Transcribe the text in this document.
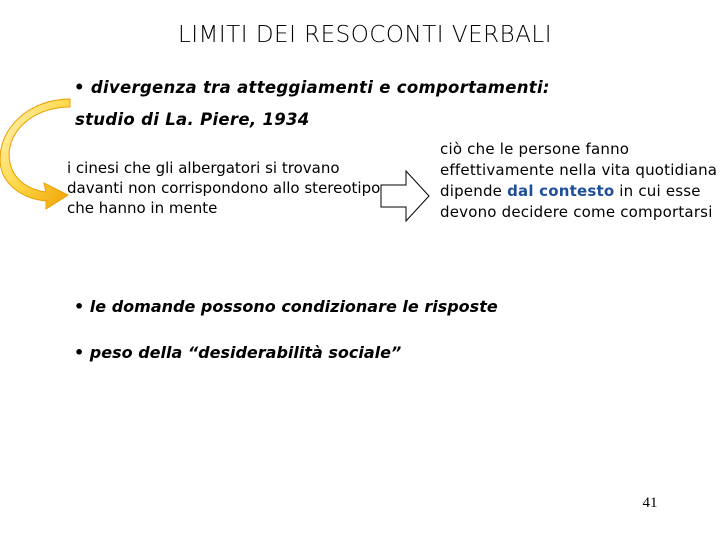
LIMITI DEI RESOCONTI VERBALI
• divergenza tra atteggiamenti e comportamenti:
studio di La. Piere, 1934
i cinesi che gli albergatori si trovano davanti non corrispondono allo stereotipo che hanno in mente
ciò che le persone fanno effettivamente nella vita quotidiana dipende dal contesto in cui esse devono decidere come comportarsi
• le domande possono condizionare le risposte
• peso della “desiderabilità sociale”
41
